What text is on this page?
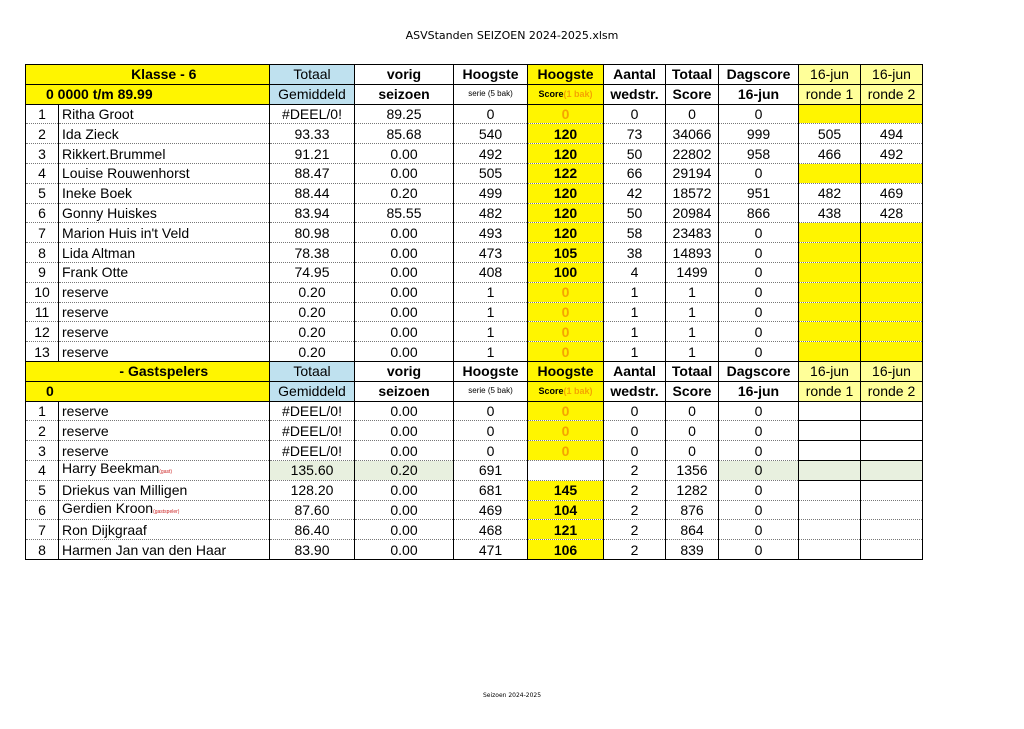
ASVStanden SEIZOEN 2024-2025.xlsm
	Klasse - 6	Totaal	vorig	Hoogste	Hoogste	Aantal	Totaal	Dagscore	16-jun	16-jun
0 0000 t/m 89.99		Gemiddeld	seizoen	serie (5 bak)	Score(1 bak)	wedstr.	Score	16-jun	ronde 1	ronde 2
1	Ritha Groot	#DEEL/0!	89.25	0	0	0	0	0		
2	Ida Zieck	93.33	85.68	540	120	73	34066	999	505	494
3	Rikkert.Brummel	91.21	0.00	492	120	50	22802	958	466	492
4	Louise Rouwenhorst	88.47	0.00	505	122	66	29194	0		
5	Ineke Boek	88.44	0.20	499	120	42	18572	951	482	469
6	Gonny Huiskes	83.94	85.55	482	120	50	20984	866	438	428
7	Marion Huis in't Veld	80.98	0.00	493	120	58	23483	0		
8	Lida Altman	78.38	0.00	473	105	38	14893	0		
9	Frank Otte	74.95	0.00	408	100	4	1499	0		
10	reserve	0.20	0.00	1	0	1	1	0		
11	reserve	0.20	0.00	1	0	1	1	0		
12	reserve	0.20	0.00	1	0	1	1	0		
13	reserve	0.20	0.00	1	0	1	1	0		
	- Gastspelers	Totaal	vorig	Hoogste	Hoogste	Aantal	Totaal	Dagscore	16-jun	16-jun
0		Gemiddeld	seizoen	serie (5 bak)	Score(1 bak)	wedstr.	Score	16-jun	ronde 1	ronde 2
1	reserve	#DEEL/0!	0.00	0	0	0	0	0		
2	reserve	#DEEL/0!	0.00	0	0	0	0	0		
3	reserve	#DEEL/0!	0.00	0	0	0	0	0		
4	Harry Beekman(gast)	135.60	0.20	691		2	1356	0		
5	Driekus van Milligen	128.20	0.00	681	145	2	1282	0		
6	Gerdien Kroon(gastspeler)	87.60	0.00	469	104	2	876	0		
7	Ron Dijkgraaf	86.40	0.00	468	121	2	864	0		
8	Harmen Jan van den Haar	83.90	0.00	471	106	2	839	0		
Seizoen 2024-2025
